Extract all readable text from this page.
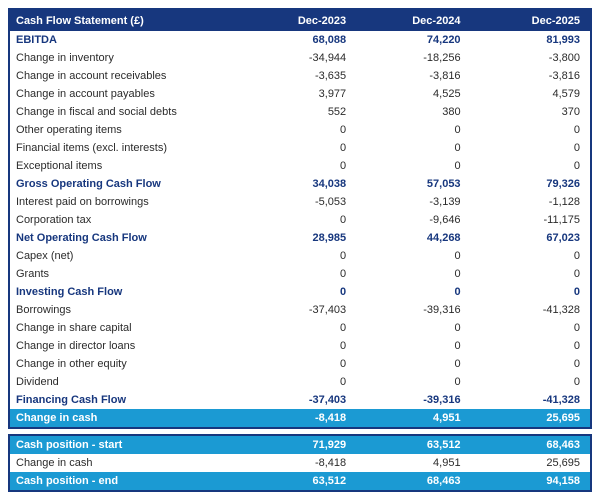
Cash Flow Statement (£)	Dec-2023	Dec-2024	Dec-2025
EBITDA	68,088	74,220	81,993
Change in inventory	-34,944	-18,256	-3,800
Change in account receivables	-3,635	-3,816	-3,816
Change in account payables	3,977	4,525	4,579
Change in fiscal and social debts	552	380	370
Other operating items	0	0	0
Financial items (excl. interests)	0	0	0
Exceptional items	0	0	0
Gross Operating Cash Flow	34,038	57,053	79,326
Interest paid on borrowings	-5,053	-3,139	-1,128
Corporation tax	0	-9,646	-11,175
Net Operating Cash Flow	28,985	44,268	67,023
Capex (net)	0	0	0
Grants	0	0	0
Investing Cash Flow	0	0	0
Borrowings	-37,403	-39,316	-41,328
Change in share capital	0	0	0
Change in director loans	0	0	0
Change in other equity	0	0	0
Dividend	0	0	0
Financing Cash Flow	-37,403	-39,316	-41,328
Change in cash	-8,418	4,951	25,695
Cash position - start	71,929	63,512	68,463
Change in cash	-8,418	4,951	25,695
Cash position - end	63,512	68,463	94,158
